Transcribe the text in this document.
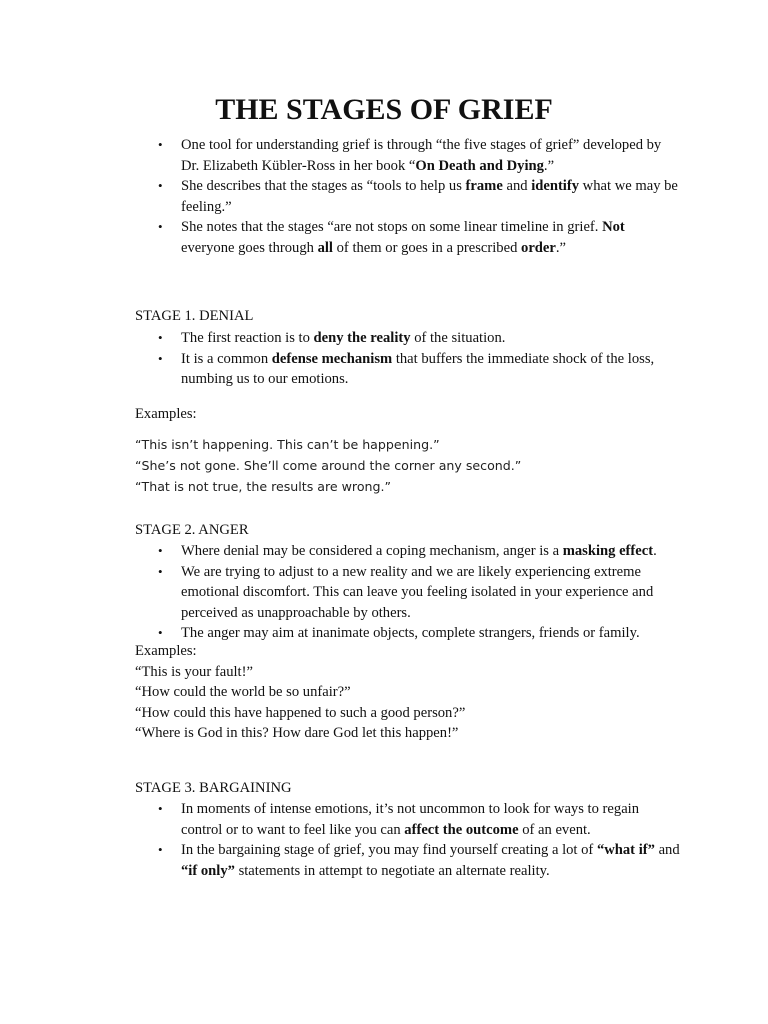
THE STAGES OF GRIEF
• One tool for understanding grief is through “the five stages of grief” developed by Dr. Elizabeth Kübler-Ross in her book “On Death and Dying.”
• She describes that the stages as “tools to help us frame and identify what we may be feeling.”
• She notes that the stages “are not stops on some linear timeline in grief. Not everyone goes through all of them or goes in a prescribed order.”
STAGE 1. DENIAL
• The first reaction is to deny the reality of the situation.
• It is a common defense mechanism that buffers the immediate shock of the loss, numbing us to our emotions.
Examples:
“This isn’t happening. This can’t be happening.”
“She’s not gone. She’ll come around the corner any second.”
“That is not true, the results are wrong.”
STAGE 2. ANGER
• Where denial may be considered a coping mechanism, anger is a masking effect.
• We are trying to adjust to a new reality and we are likely experiencing extreme emotional discomfort. This can leave you feeling isolated in your experience and perceived as unapproachable by others.
• The anger may aim at inanimate objects, complete strangers, friends or family.
Examples:
“This is your fault!”
“How could the world be so unfair?”
“How could this have happened to such a good person?”
“Where is God in this? How dare God let this happen!”
STAGE 3. BARGAINING
• In moments of intense emotions, it’s not uncommon to look for ways to regain control or to want to feel like you can affect the outcome of an event.
• In the bargaining stage of grief, you may find yourself creating a lot of “what if” and “if only” statements in attempt to negotiate an alternate reality.
